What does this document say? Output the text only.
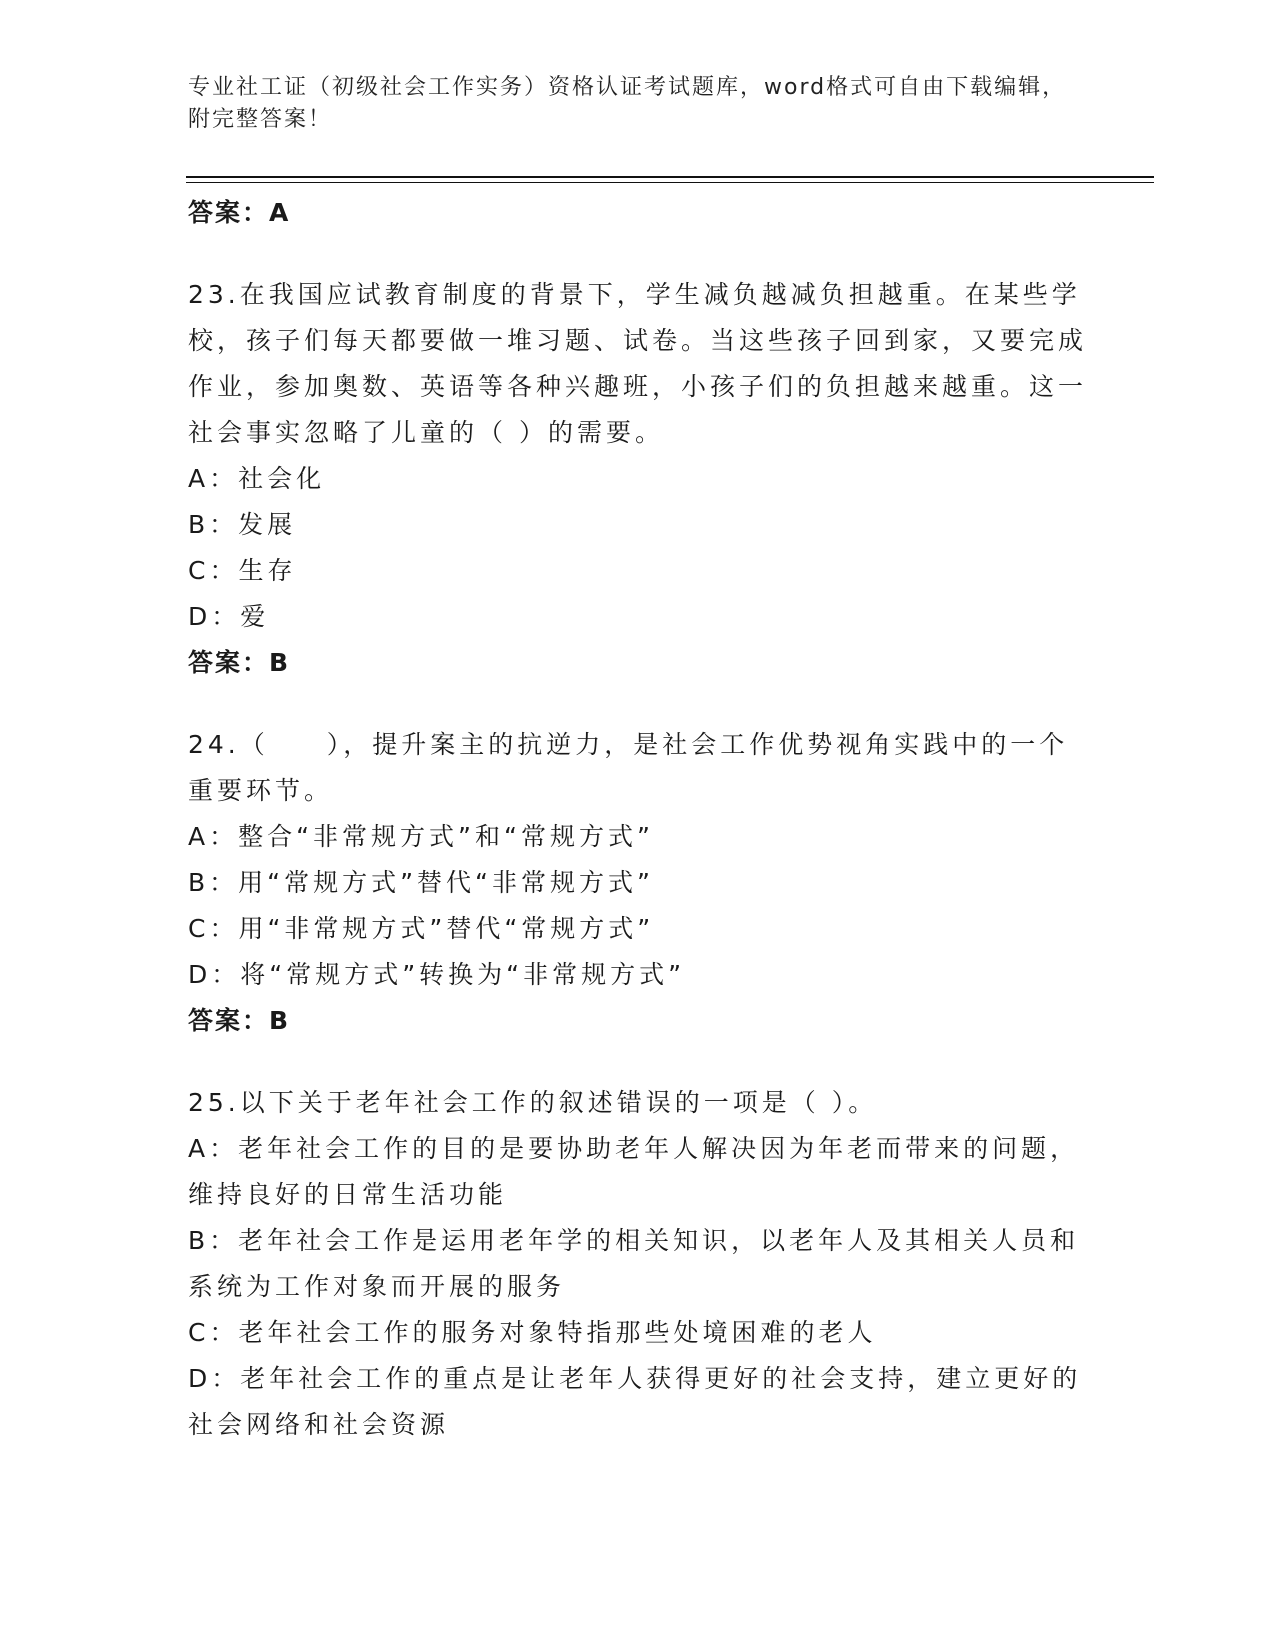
专业社工证（初级社会工作实务）资格认证考试题库，word格式可自由下载编辑，附完整答案！

答案：A

23.在我国应试教育制度的背景下，学生减负越减负担越重。在某些学校，孩子们每天都要做一堆习题、试卷。当这些孩子回到家，又要完成作业，参加奥数、英语等各种兴趣班，小孩子们的负担越来越重。这一社会事实忽略了儿童的（ ）的需要。

A：社会化

B：发展

C：生存

D：爱

答案：B

24.（　　），提升案主的抗逆力，是社会工作优势视角实践中的一个重要环节。

A：整合“非常规方式”和“常规方式”

B：用“常规方式”替代“非常规方式”

C：用“非常规方式”替代“常规方式”

D：将“常规方式”转换为“非常规方式”

答案：B

25.以下关于老年社会工作的叙述错误的一项是（ ）。

A：老年社会工作的目的是要协助老年人解决因为年老而带来的问题，维持良好的日常生活功能

B：老年社会工作是运用老年学的相关知识，以老年人及其相关人员和系统为工作对象而开展的服务

C：老年社会工作的服务对象特指那些处境困难的老人

D：老年社会工作的重点是让老年人获得更好的社会支持，建立更好的社会网络和社会资源
